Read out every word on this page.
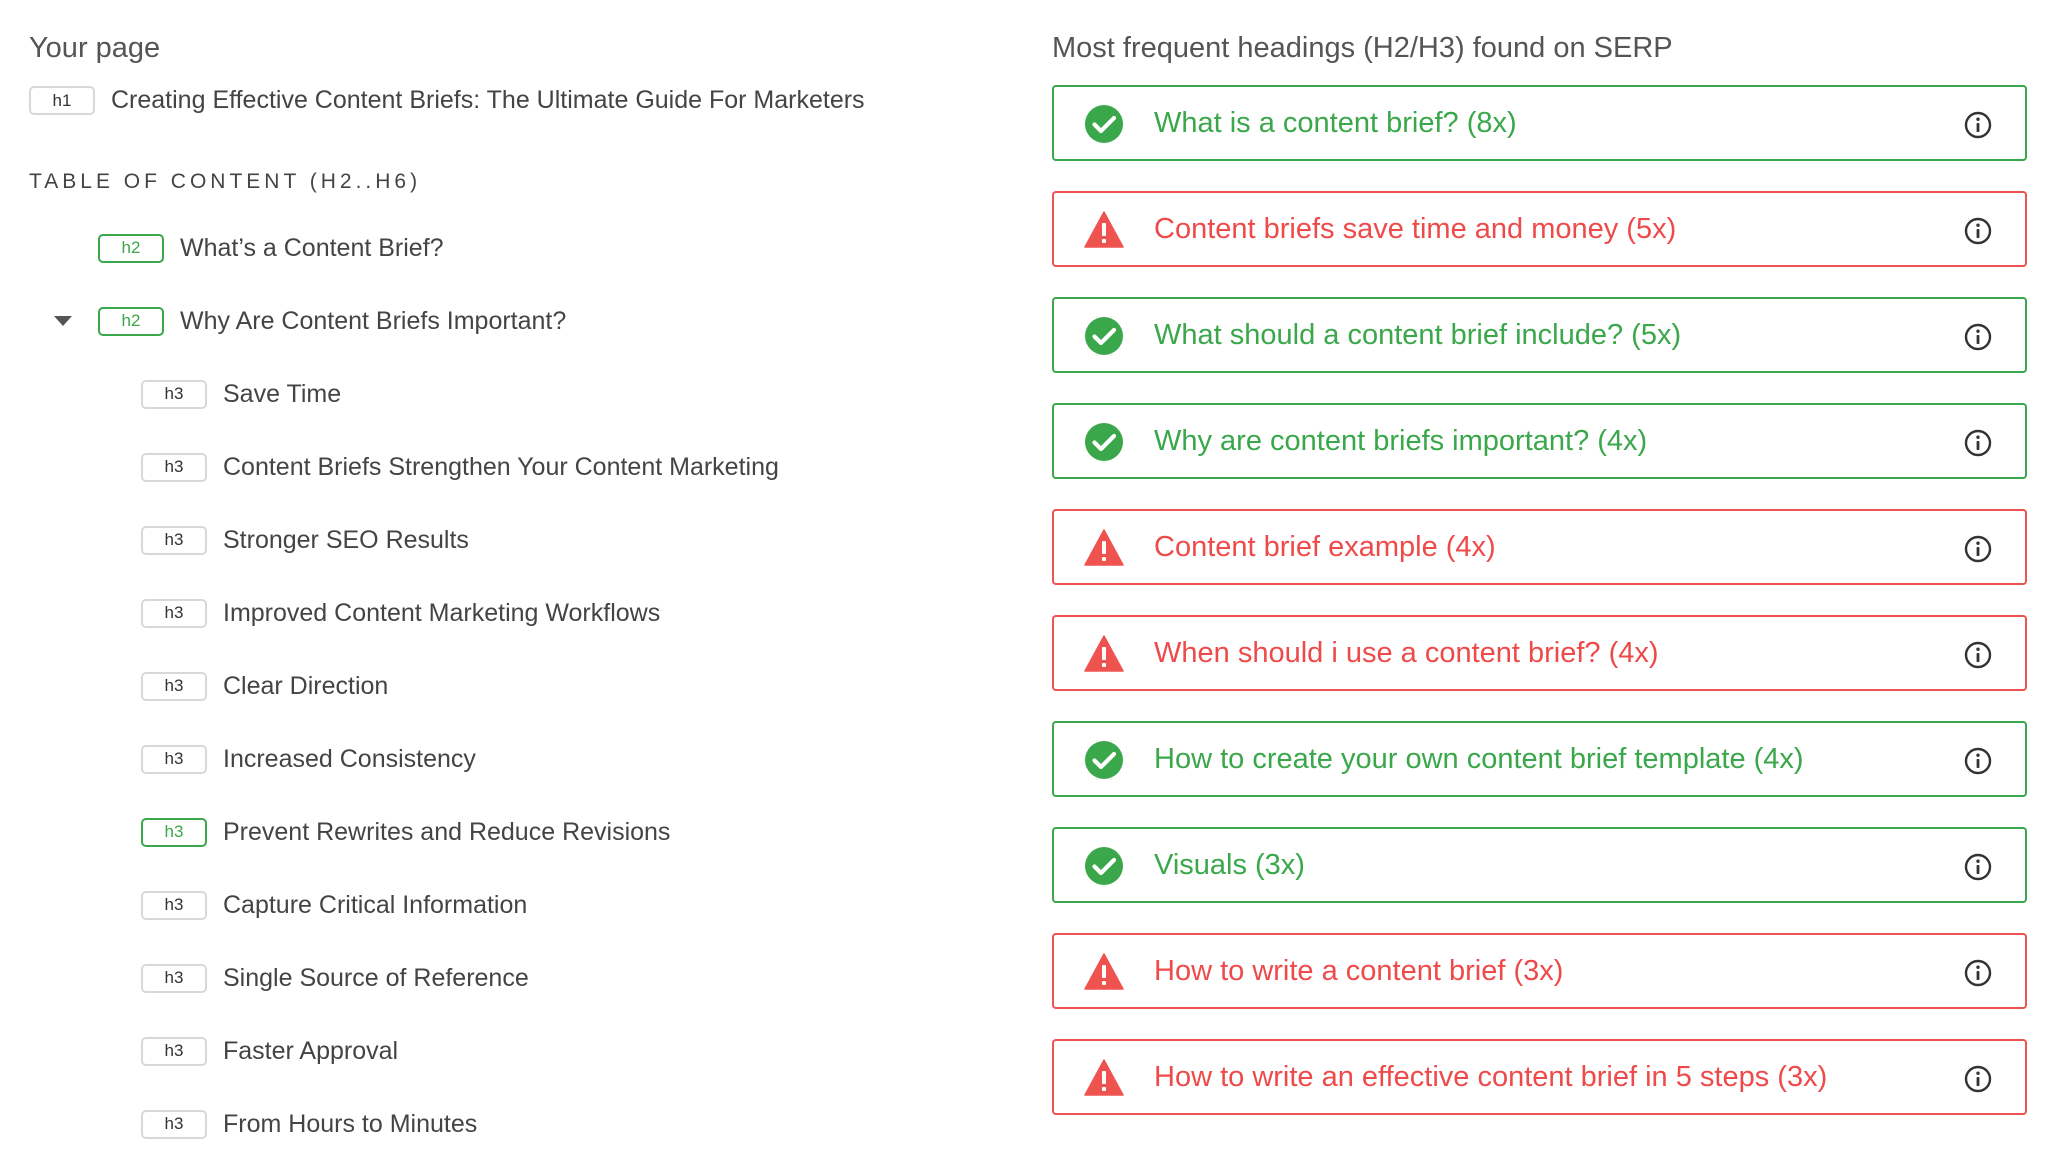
Your page
h1	Creating Effective Content Briefs: The Ultimate Guide For Marketers
TABLE OF CONTENT (H2..H6)
h2	What’s a Content Brief?
h2	Why Are Content Briefs Important?
h3	Save Time
h3	Content Briefs Strengthen Your Content Marketing
h3	Stronger SEO Results
h3	Improved Content Marketing Workflows
h3	Clear Direction
h3	Increased Consistency
h3	Prevent Rewrites and Reduce Revisions
h3	Capture Critical Information
h3	Single Source of Reference
h3	Faster Approval
h3	From Hours to Minutes
Most frequent headings (H2/H3) found on SERP
What is a content brief? (8x)
Content briefs save time and money (5x)
What should a content brief include? (5x)
Why are content briefs important? (4x)
Content brief example (4x)
When should i use a content brief? (4x)
How to create your own content brief template (4x)
Visuals (3x)
How to write a content brief (3x)
How to write an effective content brief in 5 steps (3x)
